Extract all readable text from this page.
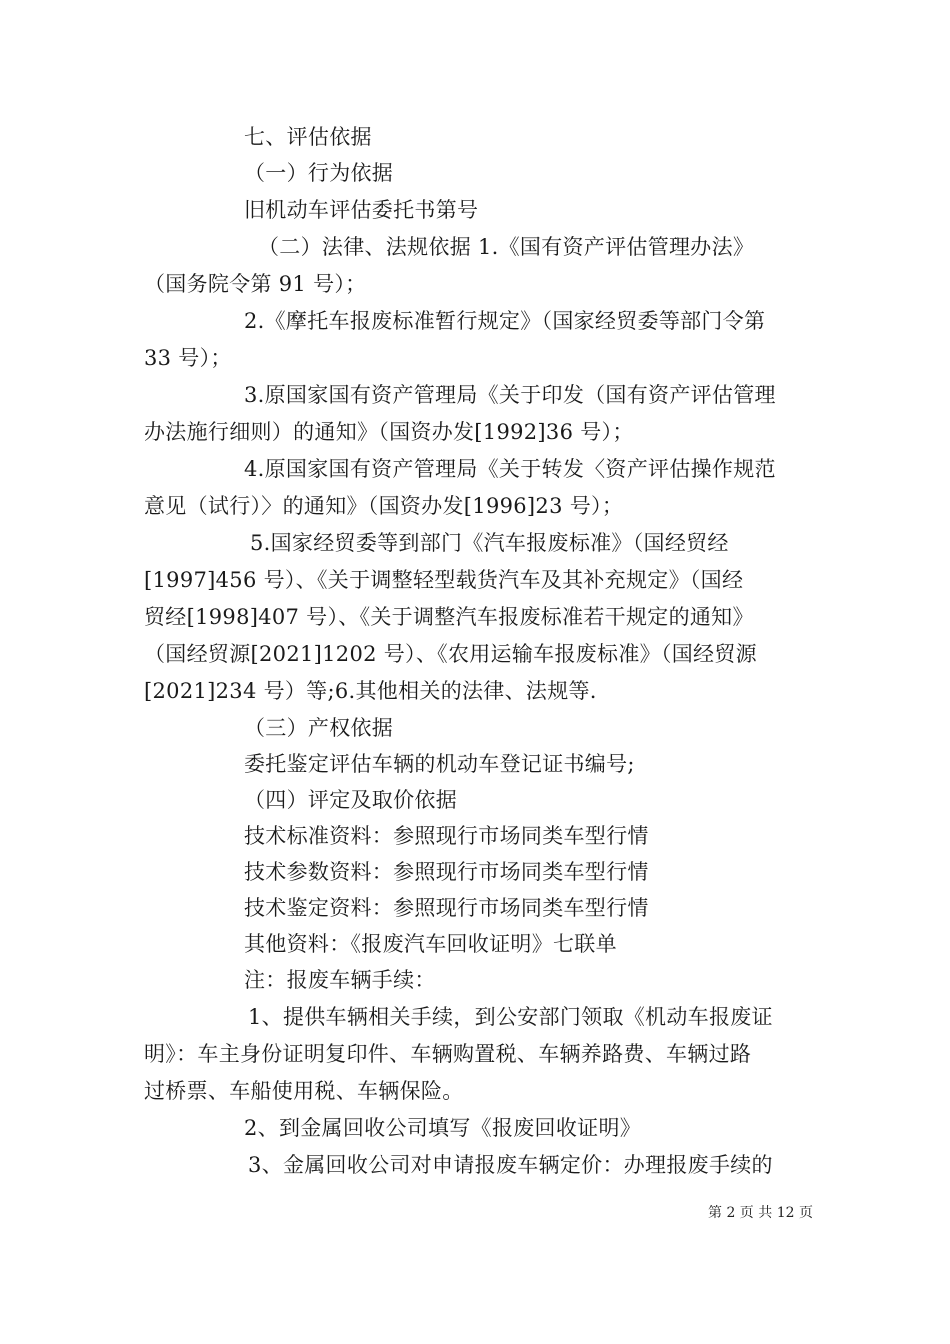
七、评估依据
（一）行为依据
旧机动车评估委托书第号
（二）法律、法规依据 1.《国有资产评估管理办法》
（国务院令第 91 号）；
2.《摩托车报废标准暂行规定》（国家经贸委等部门令第
33 号）；
3.原国家国有资产管理局《关于印发（国有资产评估管理
办法施行细则）的通知》（国资办发[1992]36 号）；
4.原国家国有资产管理局《关于转发〈资产评估操作规范
意见（试行）〉的通知》（国资办发[1996]23 号）；
5.国家经贸委等到部门《汽车报废标准》（国经贸经
[1997]456 号）、《关于调整轻型载货汽车及其补充规定》（国经
贸经[1998]407 号）、《关于调整汽车报废标准若干规定的通知》
（国经贸源[2021]1202 号）、《农用运输车报废标准》（国经贸源
[2021]234 号）等;6.其他相关的法律、法规等.
（三）产权依据
委托鉴定评估车辆的机动车登记证书编号;
（四）评定及取价依据
技术标准资料：参照现行市场同类车型行情
技术参数资料：参照现行市场同类车型行情
技术鉴定资料：参照现行市场同类车型行情
其他资料：《报废汽车回收证明》七联单
注：报废车辆手续：
1、提供车辆相关手续，到公安部门领取《机动车报废证
明》：车主身份证明复印件、车辆购置税、车辆养路费、车辆过路
过桥票、车船使用税、车辆保险。
2、到金属回收公司填写《报废回收证明》
3、金属回收公司对申请报废车辆定价：办理报废手续的
第 2 页 共 12 页
